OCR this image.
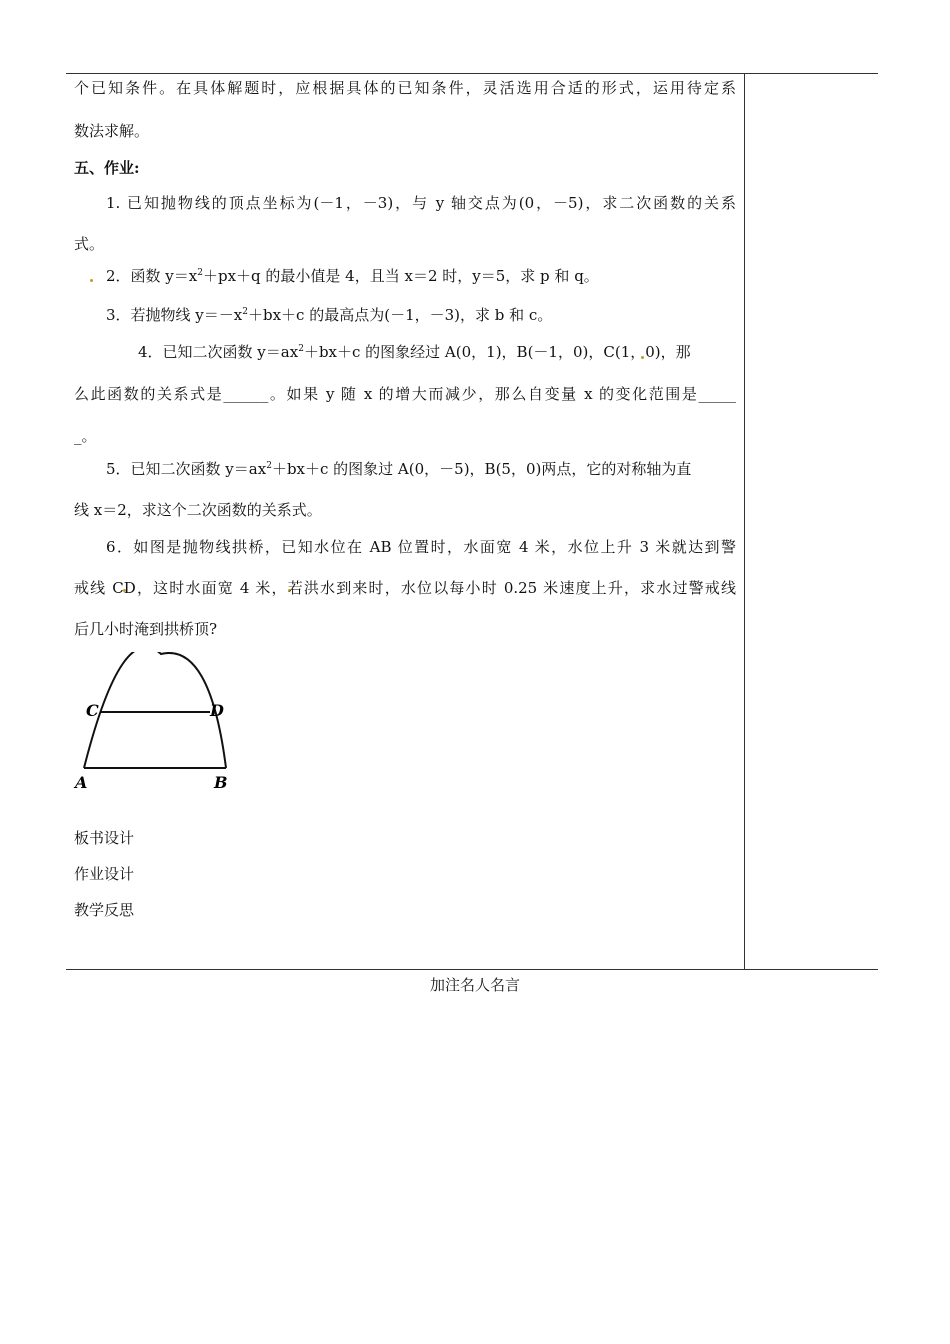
个已知条件。在具体解题时，应根据具体的已知条件，灵活选用合适的形式，运用待定系
数法求解。
五、作业:
1. 已知抛物线的顶点坐标为(－1，－3)，与 y 轴交点为(0，－5)，求二次函数的关系
式。
2．函数 $y=x^2+px+q$ 的最小值是 4，且当 x＝2 时，y＝5，求 p 和 q。
3．若抛物线 $y=-x^2+bx+c$ 的最高点为(－1，－3)，求 b 和 c。
4．已知二次函数 $y=ax^2+bx+c$ 的图象经过 A(0，1)，B(－1，0)，C(1，0)，那
么此函数的关系式是______。如果 y 随 x 的增大而减少，那么自变量 x 的变化范围是_____
_。
5．已知二次函数 $y=ax^2+bx+c$ 的图象过 A(0，－5)，B(5，0)两点，它的对称轴为直
线 x＝2，求这个二次函数的关系式。
6．如图是抛物线拱桥，已知水位在 AB 位置时，水面宽 4 米，水位上升 3 米就达到警
戒线 CD，这时水面宽 4 米，若洪水到来时，水位以每小时 0.25 米速度上升，求水过警戒线
后几小时淹到拱桥顶?
C	D
A	B
板书设计
作业设计
教学反思
加注名人名言
